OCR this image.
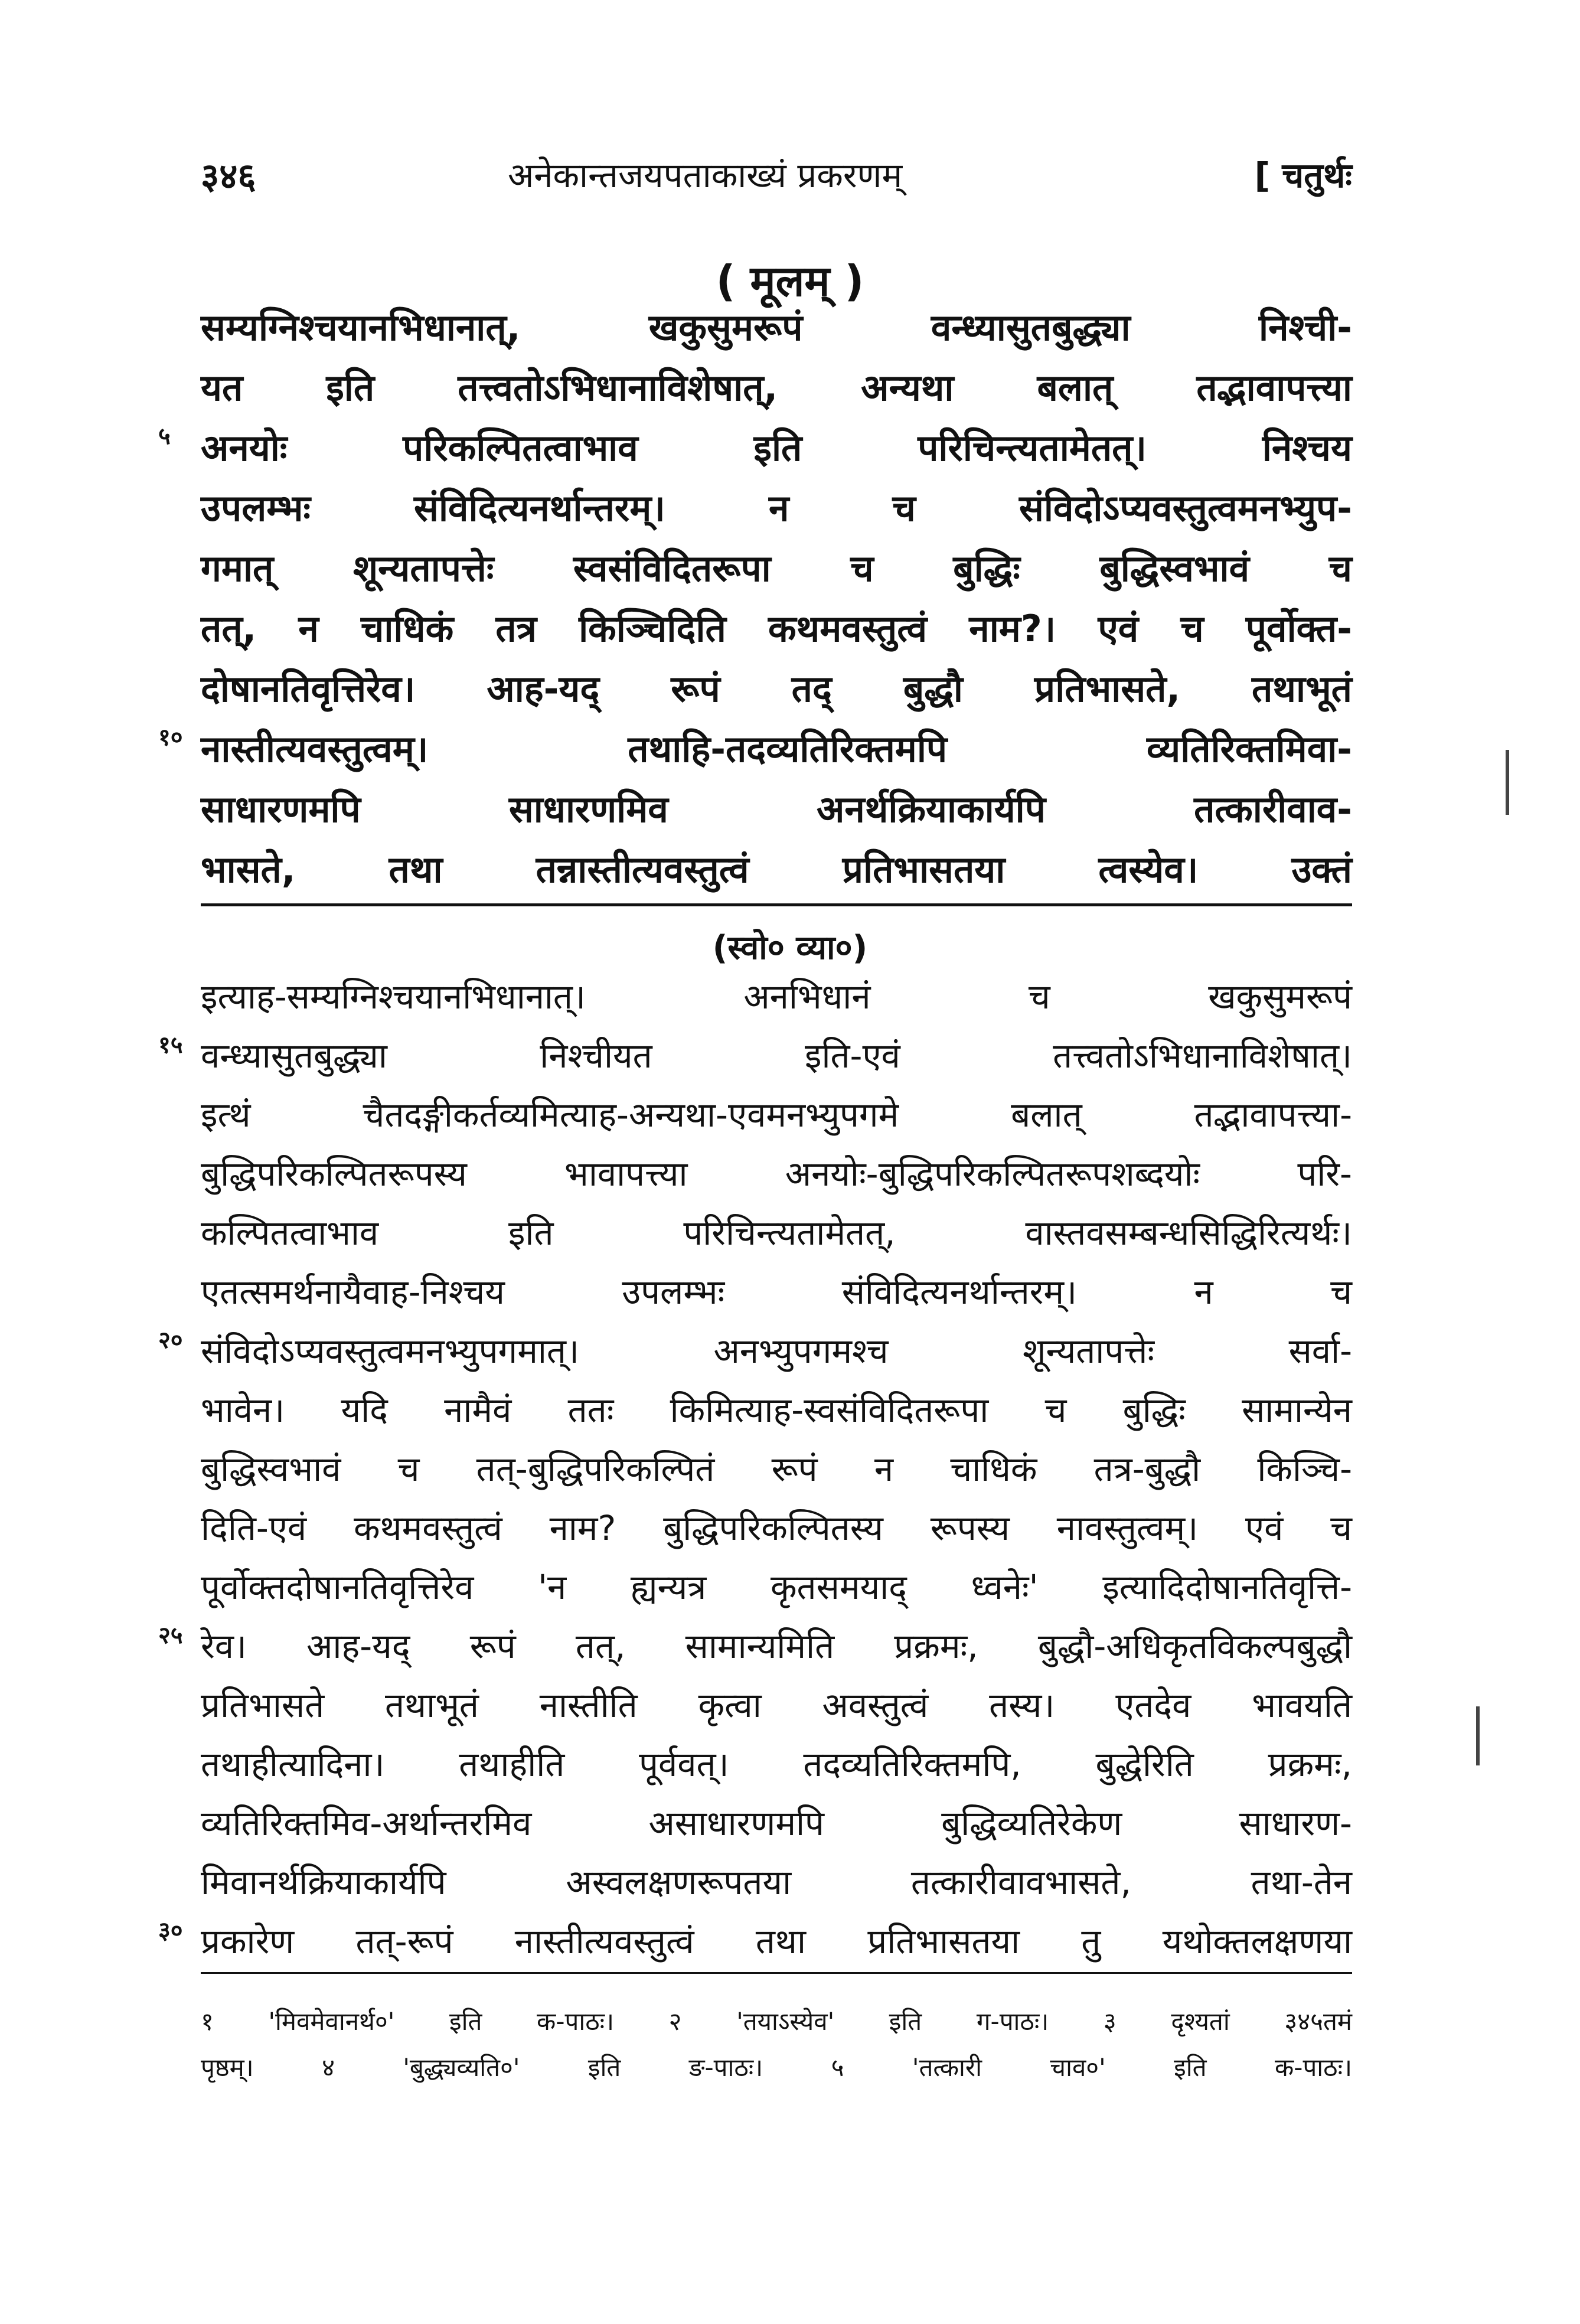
३४६	अनेकान्तजयपताकाख्यं प्रकरणम्	[ चतुर्थः
( मूलम् )
सम्यग्निश्चयानभिधानात्, खकुसुमरूपं वन्ध्यासुतबुद्ध्या निश्ची-
यत इति तत्त्वतोऽभिधानाविशेषात्, अन्यथा बलात् तद्भावापत्त्या
५ अनयोः परिकल्पितत्वाभाव इति परिचिन्त्यतामेतत्। निश्चय
उपलम्भः संविदित्यनर्थान्तरम्। न च संविदोऽप्यवस्तुत्वमनभ्युप-
गमात् शून्यतापत्तेः स्वसंविदितरूपा च बुद्धिः बुद्धिस्वभावं च
तत्, न चाधिकं तत्र किञ्चिदिति कथमवस्तुत्वं नाम?। एवं च पूर्वोक्त-
दोषानतिवृत्तिरेव। आह-यद् रूपं तद् बुद्धौ प्रतिभासते, तथाभूतं
१० नास्तीत्यवस्तुत्वम्। तथाहि-तदव्यतिरिक्तमपि व्यतिरिक्तमिवा-
साधारणमपि साधारणमिव अनर्थक्रियाकार्यपि तत्कारीवाव-
भासते, तथा तन्नास्तीत्यवस्तुत्वं प्रतिभासतया त्वस्येव। उक्तं
(स्वो० व्या०)
इत्याह-सम्यग्निश्चयानभिधानात्। अनभिधानं च खकुसुमरूपं
१५ वन्ध्यासुतबुद्ध्या निश्चीयत इति-एवं तत्त्वतोऽभिधानाविशेषात्।
इत्थं चैतदङ्गीकर्तव्यमित्याह-अन्यथा-एवमनभ्युपगमे बलात् तद्भावापत्त्या-
बुद्धिपरिकल्पितरूपस्य भावापत्त्या अनयोः-बुद्धिपरिकल्पितरूपशब्दयोः परि-
कल्पितत्वाभाव इति परिचिन्त्यतामेतत्, वास्तवसम्बन्धसिद्धिरित्यर्थः।
एतत्समर्थनायैवाह-निश्चय उपलम्भः संविदित्यनर्थान्तरम्। न च
२० संविदोऽप्यवस्तुत्वमनभ्युपगमात्। अनभ्युपगमश्च शून्यतापत्तेः सर्वा-
भावेन। यदि नामैवं ततः किमित्याह-स्वसंविदितरूपा च बुद्धिः सामान्येन
बुद्धिस्वभावं च तत्-बुद्धिपरिकल्पितं रूपं न चाधिकं तत्र-बुद्धौ किञ्चि-
दिति-एवं कथमवस्तुत्वं नाम? बुद्धिपरिकल्पितस्य रूपस्य नावस्तुत्वम्। एवं च
पूर्वोक्तदोषानतिवृत्तिरेव 'न ह्यन्यत्र कृतसमयाद् ध्वनेः' इत्यादिदोषानतिवृत्ति-
२५ रेव। आह-यद् रूपं तत्, सामान्यमिति प्रक्रमः, बुद्धौ-अधिकृतविकल्पबुद्धौ
प्रतिभासते तथाभूतं नास्तीति कृत्वा अवस्तुत्वं तस्य। एतदेव भावयति
तथाहीत्यादिना। तथाहीति पूर्ववत्। तदव्यतिरिक्तमपि, बुद्धेरिति प्रक्रमः,
व्यतिरिक्तमिव-अर्थान्तरमिव असाधारणमपि बुद्धिव्यतिरेकेण साधारण-
मिवानर्थक्रियाकार्यपि अस्वलक्षणरूपतया तत्कारीवावभासते, तथा-तेन
३० प्रकारेण तत्-रूपं नास्तीत्यवस्तुत्वं तथा प्रतिभासतया तु यथोक्तलक्षणया
१ 'मिवमेवानर्थ०' इति क-पाठः। २ 'तयाऽस्येव' इति ग-पाठः। ३ दृश्यतां ३४५तमं
पृष्ठम्। ४ 'बुद्ध्यव्यति०' इति ङ-पाठः। ५ 'तत्कारी चाव०' इति क-पाठः।
